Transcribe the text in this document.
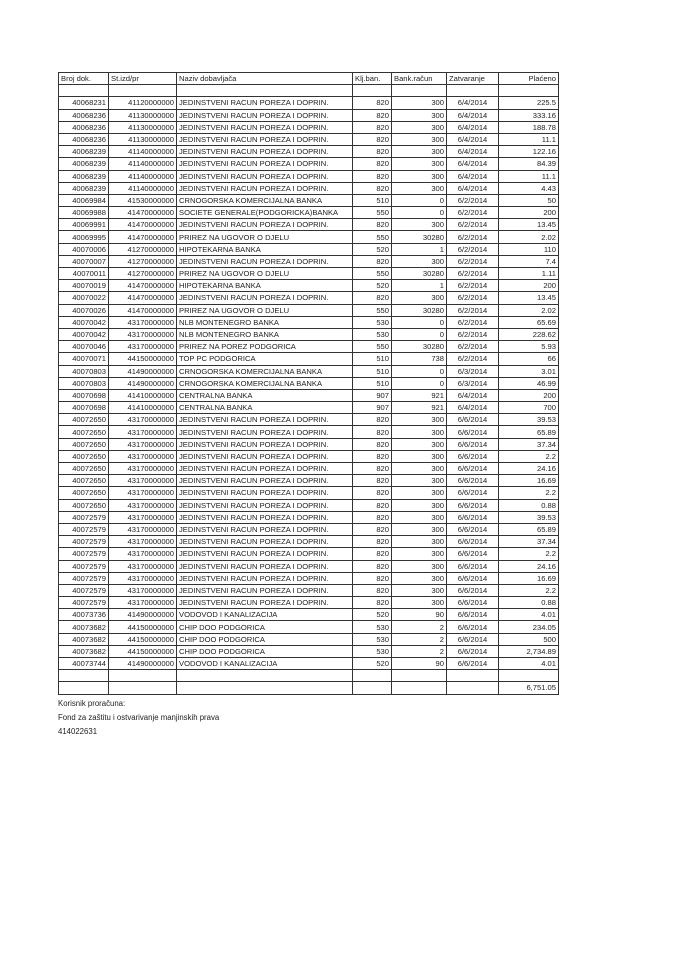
Broj dok.	St.izd/pr	Naziv dobavljača	Klj.ban.	Bank.račun	Zatvaranje	Plaćeno

40068231	41120000000	JEDINSTVENI RACUN POREZA I DOPRIN.	820	300	6/4/2014	225.5
40068236	41130000000	JEDINSTVENI RACUN POREZA I DOPRIN.	820	300	6/4/2014	333.16
40068236	41130000000	JEDINSTVENI RACUN POREZA I DOPRIN.	820	300	6/4/2014	188.78
40068236	41130000000	JEDINSTVENI RACUN POREZA I DOPRIN.	820	300	6/4/2014	11.1
40068239	41140000000	JEDINSTVENI RACUN POREZA I DOPRIN.	820	300	6/4/2014	122.16
40068239	41140000000	JEDINSTVENI RACUN POREZA I DOPRIN.	820	300	6/4/2014	84.39
40068239	41140000000	JEDINSTVENI RACUN POREZA I DOPRIN.	820	300	6/4/2014	11.1
40068239	41140000000	JEDINSTVENI RACUN POREZA I DOPRIN.	820	300	6/4/2014	4.43
40069984	41530000000	CRNOGORSKA KOMERCIJALNA BANKA	510	0	6/2/2014	50
40069988	41470000000	SOCIETE GENERALE(PODGORICKA)BANKA	550	0	6/2/2014	200
40069991	41470000000	JEDINSTVENI RACUN POREZA I DOPRIN.	820	300	6/2/2014	13.45
40069995	41470000000	PRIREZ NA UGOVOR O DJELU	550	30280	6/2/2014	2.02
40070006	41270000000	HIPOTEKARNA BANKA	520	1	6/2/2014	110
40070007	41270000000	JEDINSTVENI RACUN POREZA I DOPRIN.	820	300	6/2/2014	7.4
40070011	41270000000	PRIREZ NA UGOVOR O DJELU	550	30280	6/2/2014	1.11
40070019	41470000000	HIPOTEKARNA BANKA	520	1	6/2/2014	200
40070022	41470000000	JEDINSTVENI RACUN POREZA I DOPRIN.	820	300	6/2/2014	13.45
40070026	41470000000	PRIREZ NA UGOVOR O DJELU	550	30280	6/2/2014	2.02
40070042	43170000000	NLB MONTENEGRO BANKA	530	0	6/2/2014	65.69
40070042	43170000000	NLB MONTENEGRO BANKA	530	0	6/2/2014	228.62
40070046	43170000000	PRIREZ NA POREZ PODGORICA	550	30280	6/2/2014	5.93
40070071	44150000000	TOP PC PODGORICA	510	738	6/2/2014	66
40070803	41490000000	CRNOGORSKA KOMERCIJALNA BANKA	510	0	6/3/2014	3.01
40070803	41490000000	CRNOGORSKA KOMERCIJALNA BANKA	510	0	6/3/2014	46.99
40070698	41410000000	CENTRALNA BANKA	907	921	6/4/2014	200
40070698	41410000000	CENTRALNA BANKA	907	921	6/4/2014	700
40072650	43170000000	JEDINSTVENI RACUN POREZA I DOPRIN.	820	300	6/6/2014	39.53
40072650	43170000000	JEDINSTVENI RACUN POREZA I DOPRIN.	820	300	6/6/2014	65.89
40072650	43170000000	JEDINSTVENI RACUN POREZA I DOPRIN.	820	300	6/6/2014	37.34
40072650	43170000000	JEDINSTVENI RACUN POREZA I DOPRIN.	820	300	6/6/2014	2.2
40072650	43170000000	JEDINSTVENI RACUN POREZA I DOPRIN.	820	300	6/6/2014	24.16
40072650	43170000000	JEDINSTVENI RACUN POREZA I DOPRIN.	820	300	6/6/2014	16.69
40072650	43170000000	JEDINSTVENI RACUN POREZA I DOPRIN.	820	300	6/6/2014	2.2
40072650	43170000000	JEDINSTVENI RACUN POREZA I DOPRIN.	820	300	6/6/2014	0.88
40072579	43170000000	JEDINSTVENI RACUN POREZA I DOPRIN.	820	300	6/6/2014	39.53
40072579	43170000000	JEDINSTVENI RACUN POREZA I DOPRIN.	820	300	6/6/2014	65.89
40072579	43170000000	JEDINSTVENI RACUN POREZA I DOPRIN.	820	300	6/6/2014	37.34
40072579	43170000000	JEDINSTVENI RACUN POREZA I DOPRIN.	820	300	6/6/2014	2.2
40072579	43170000000	JEDINSTVENI RACUN POREZA I DOPRIN.	820	300	6/6/2014	24.16
40072579	43170000000	JEDINSTVENI RACUN POREZA I DOPRIN.	820	300	6/6/2014	16.69
40072579	43170000000	JEDINSTVENI RACUN POREZA I DOPRIN.	820	300	6/6/2014	2.2
40072579	43170000000	JEDINSTVENI RACUN POREZA I DOPRIN.	820	300	6/6/2014	0.88
40073736	41490000000	VODOVOD I KANALIZACIJA	520	90	6/6/2014	4.01
40073682	44150000000	CHIP DOO PODGORICA	530	2	6/6/2014	234.05
40073682	44150000000	CHIP DOO PODGORICA	530	2	6/6/2014	500
40073682	44150000000	CHIP DOO PODGORICA	530	2	6/6/2014	2,734.89
40073744	41490000000	VODOVOD I KANALIZACIJA	520	90	6/6/2014	4.01

						6,751.05
Korisnik proračuna:
Fond za zaštitu i ostvarivanje manjinskih prava
414022631
